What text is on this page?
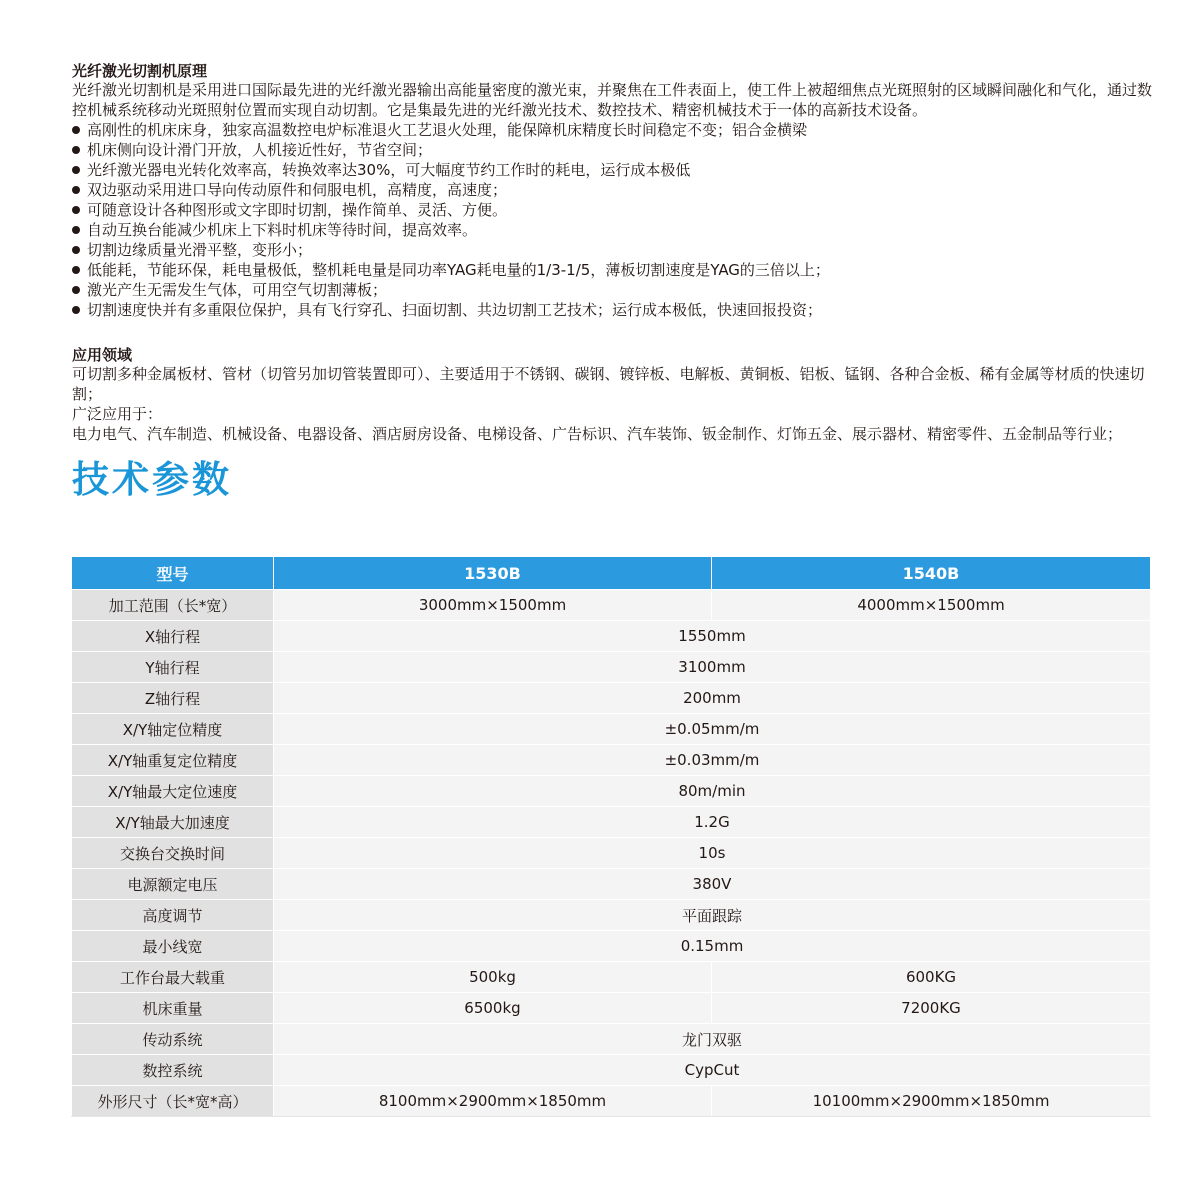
光纤激光切割机原理

光纤激光切割机是采用进口国际最先进的光纤激光器输出高能量密度的激光束，并聚焦在工件表面上，使工件上被超细焦点光斑照射的区域瞬间融化和气化，通过数 控机械系统移动光斑照射位置而实现自动切割。它是集最先进的光纤激光技术、数控技术、精密机械技术于一体的高新技术设备。

高刚性的机床床身，独家高温数控电炉标准退火工艺退火处理，能保障机床精度长时间稳定不变；铝合金横梁
机床侧向设计滑门开放，人机接近性好，节省空间；
光纤激光器电光转化效率高，转换效率达30%，可大幅度节约工作时的耗电，运行成本极低
双边驱动采用进口导向传动原件和伺服电机，高精度，高速度；
可随意设计各种图形或文字即时切割，操作简单、灵活、方便。
自动互换台能减少机床上下料时机床等待时间，提高效率。
切割边缘质量光滑平整，变形小；
低能耗，节能环保，耗电量极低，整机耗电量是同功率YAG耗电量的1/3-1/5，薄板切割速度是YAG的三倍以上；
激光产生无需发生气体，可用空气切割薄板；
切割速度快并有多重限位保护，具有飞行穿孔、扫面切割、共边切割工艺技术；运行成本极低，快速回报投资；
应用领域

可切割多种金属板材、管材（切管另加切管装置即可）、主要适用于不锈钢、碳钢、镀锌板、电解板、黄铜板、铝板、锰钢、各种合金板、稀有金属等材质的快速切割；

广泛应用于：

电力电气、汽车制造、机械设备、电器设备、酒店厨房设备、电梯设备、广告标识、汽车装饰、钣金制作、灯饰五金、展示器材、精密零件、五金制品等行业；

技术参数
型号	1530B	1540B
加工范围（长*宽）	3000mm×1500mm	4000mm×1500mm
X轴行程	1550mm	
Y轴行程	3100mm	
Z轴行程	200mm	
X/Y轴定位精度	±0.05mm/m	
X/Y轴重复定位精度	±0.03mm/m	
X/Y轴最大定位速度	80m/min	
X/Y轴最大加速度	1.2G	
交换台交换时间	10s	
电源额定电压	380V	
高度调节	平面跟踪	
最小线宽	0.15mm	
工作台最大载重	500kg	600KG
机床重量	6500kg	7200KG
传动系统	龙门双驱	
数控系统	CypCut	
外形尺寸（长*宽*高）	8100mm×2900mm×1850mm	10100mm×2900mm×1850mm
